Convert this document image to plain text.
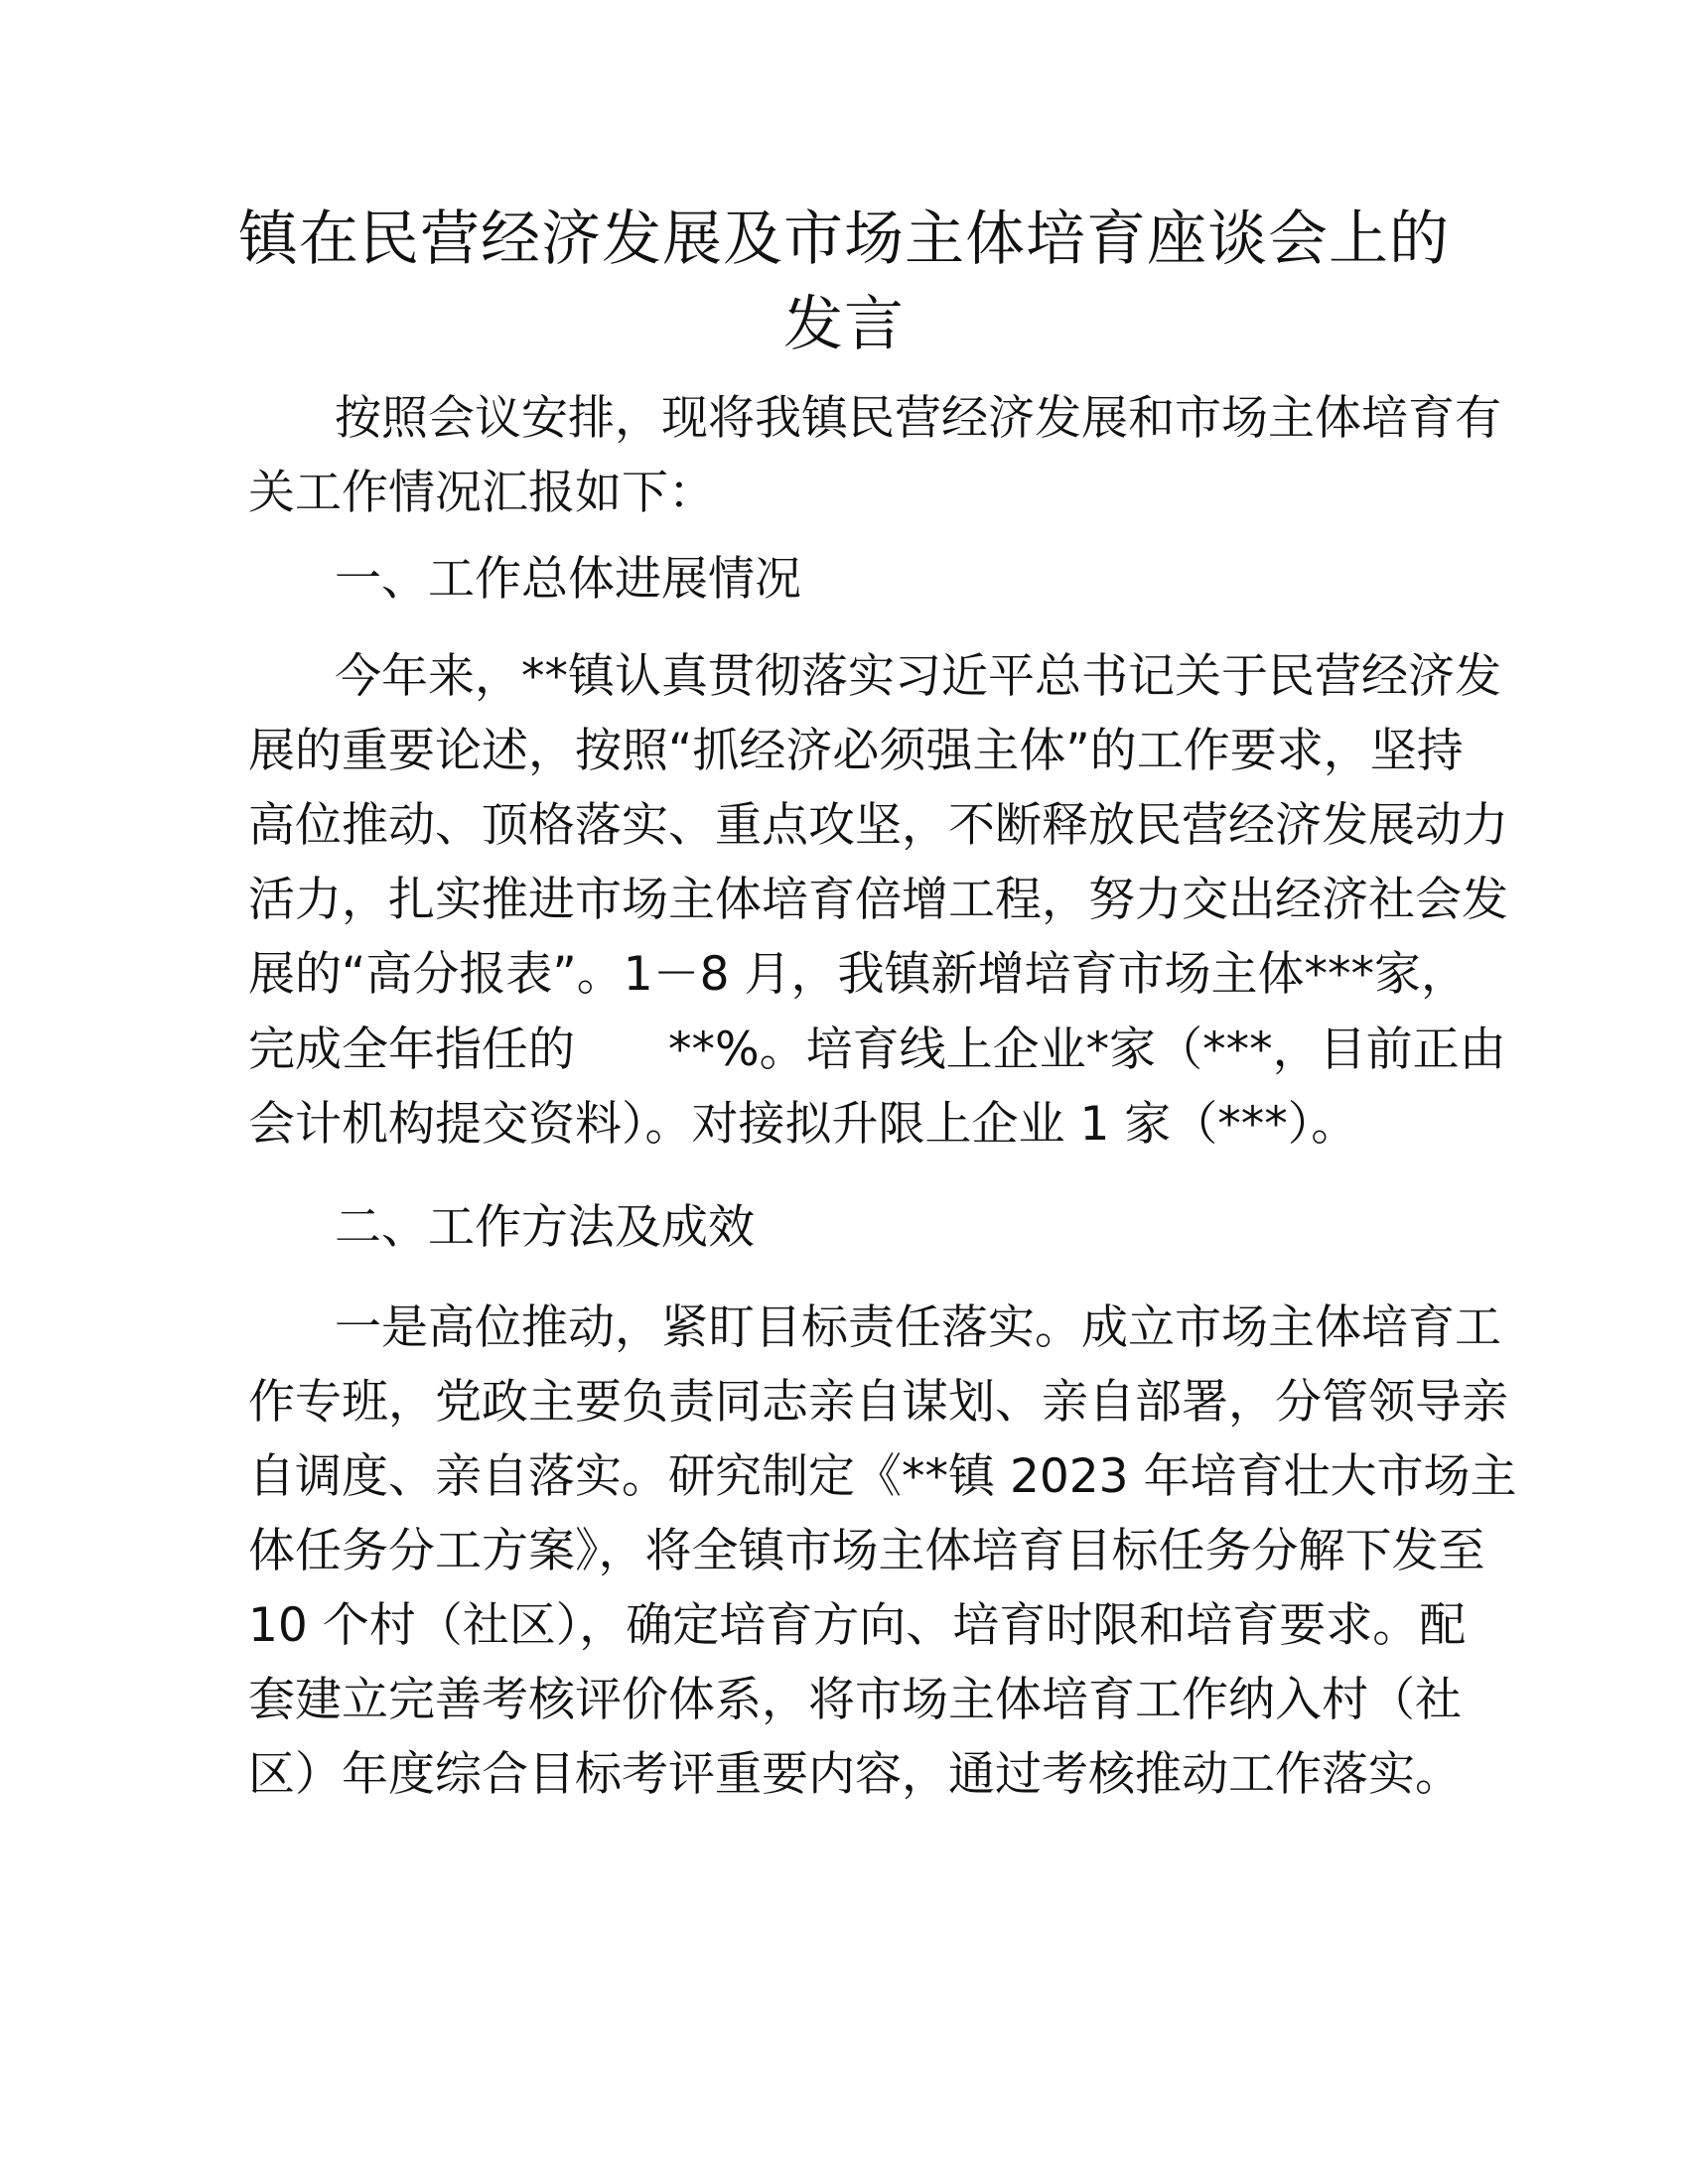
镇在民营经济发展及市场主体培育座谈会上的
发言

按照会议安排，现将我镇民营经济发展和市场主体培育有

关工作情况汇报如下：

一、工作总体进展情况

今年来，**镇认真贯彻落实习近平总书记关于民营经济发

展的重要论述，按照“抓经济必须强主体”的工作要求，坚持

高位推动、顶格落实、重点攻坚，不断释放民营经济发展动力

活力，扎实推进市场主体培育倍增工程，努力交出经济社会发

展的“高分报表”。1－8 月，我镇新增培育市场主体***家，

完成全年指任的　　**%。培育线上企业*家（***，目前正由

会计机构提交资料）。对接拟升限上企业 1 家（***）。

二、工作方法及成效

一是高位推动，紧盯目标责任落实。成立市场主体培育工

作专班，党政主要负责同志亲自谋划、亲自部署，分管领导亲

自调度、亲自落实。研究制定《**镇 2023 年培育壮大市场主

体任务分工方案》，将全镇市场主体培育目标任务分解下发至

10 个村（社区），确定培育方向、培育时限和培育要求。配

套建立完善考核评价体系，将市场主体培育工作纳入村（社

区）年度综合目标考评重要内容，通过考核推动工作落实。
